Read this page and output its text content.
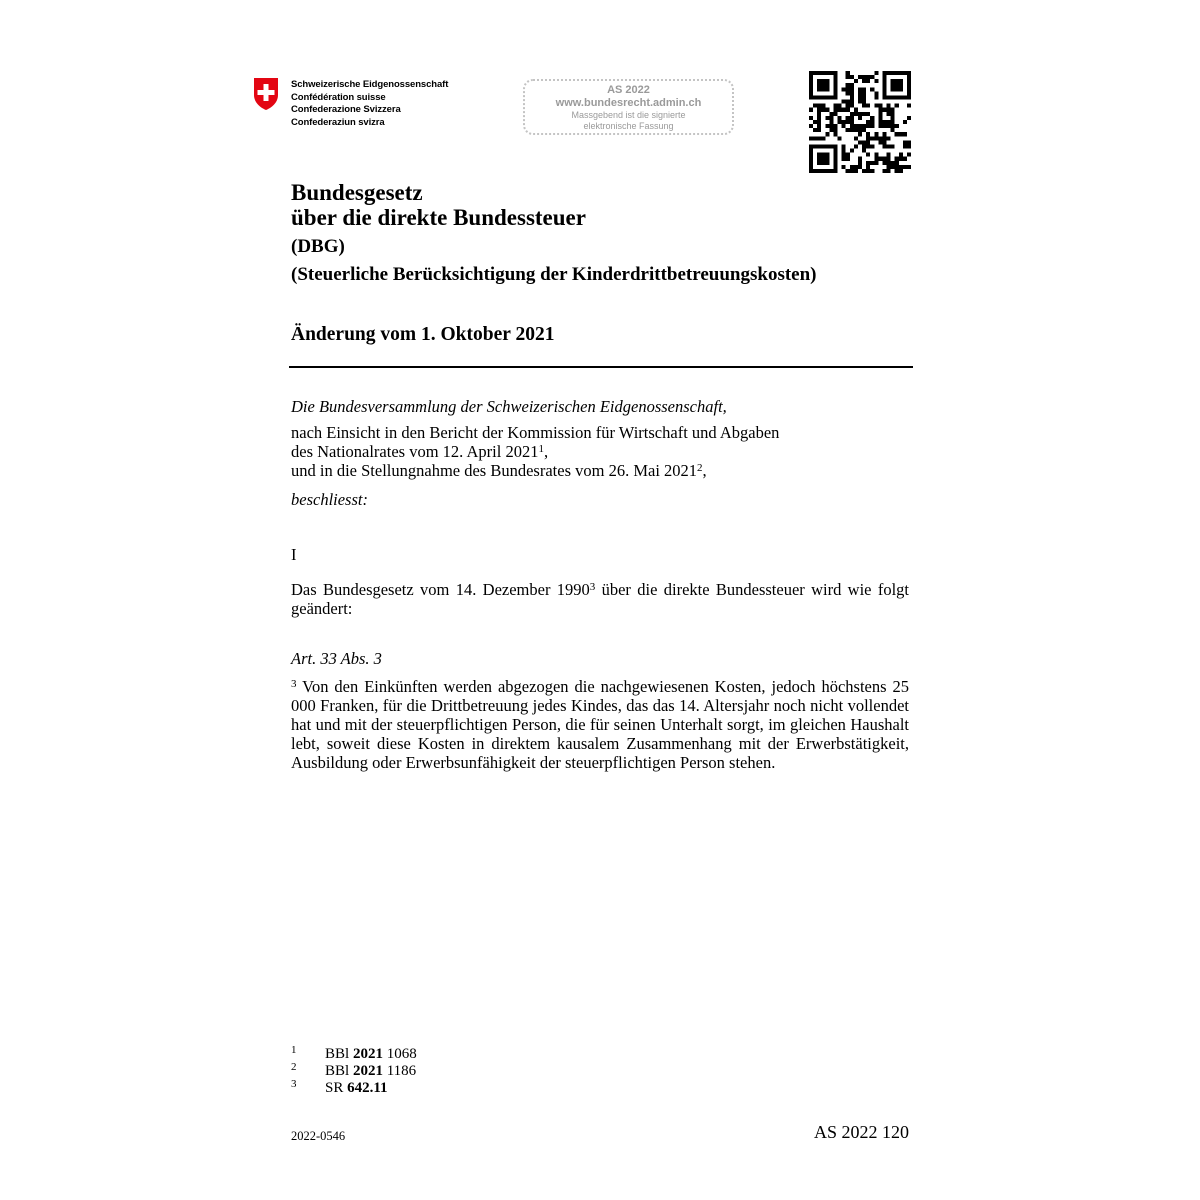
Schweizerische Eidgenossenschaft
Confédération suisse
Confederazione Svizzera
Confederaziun svizra
AS 2022
www.bundesrecht.admin.ch
Massgebend ist die signierte
elektronische Fassung
Bundesgesetz
über die direkte Bundessteuer
(DBG)
(Steuerliche Berücksichtigung der Kinderdrittbetreuungskosten)
Änderung vom 1. Oktober 2021
Die Bundesversammlung der Schweizerischen Eidgenossenschaft,
nach Einsicht in den Bericht der Kommission für Wirtschaft und Abgaben
des Nationalrates vom 12. April 2021$^1$,
und in die Stellungnahme des Bundesrates vom 26. Mai 2021$^2$,
beschliesst:
I
Das Bundesgesetz vom 14. Dezember 1990$^3$ über die direkte Bundessteuer wird wie folgt geändert:
Art. 33 Abs. 3
$^3$ Von den Einkünften werden abgezogen die nachgewiesenen Kosten, jedoch höchstens 25 000 Franken, für die Drittbetreuung jedes Kindes, das das 14. Altersjahr noch nicht vollendet hat und mit der steuerpflichtigen Person, die für seinen Unterhalt sorgt, im gleichen Haushalt lebt, soweit diese Kosten in direktem kausalem Zusammenhang mit der Erwerbstätigkeit, Ausbildung oder Erwerbsunfähigkeit der steuerpflichtigen Person stehen.
1 BBl 2021 1068
2 BBl 2021 1186
3 SR 642.11
2022-0546	AS 2022 120
